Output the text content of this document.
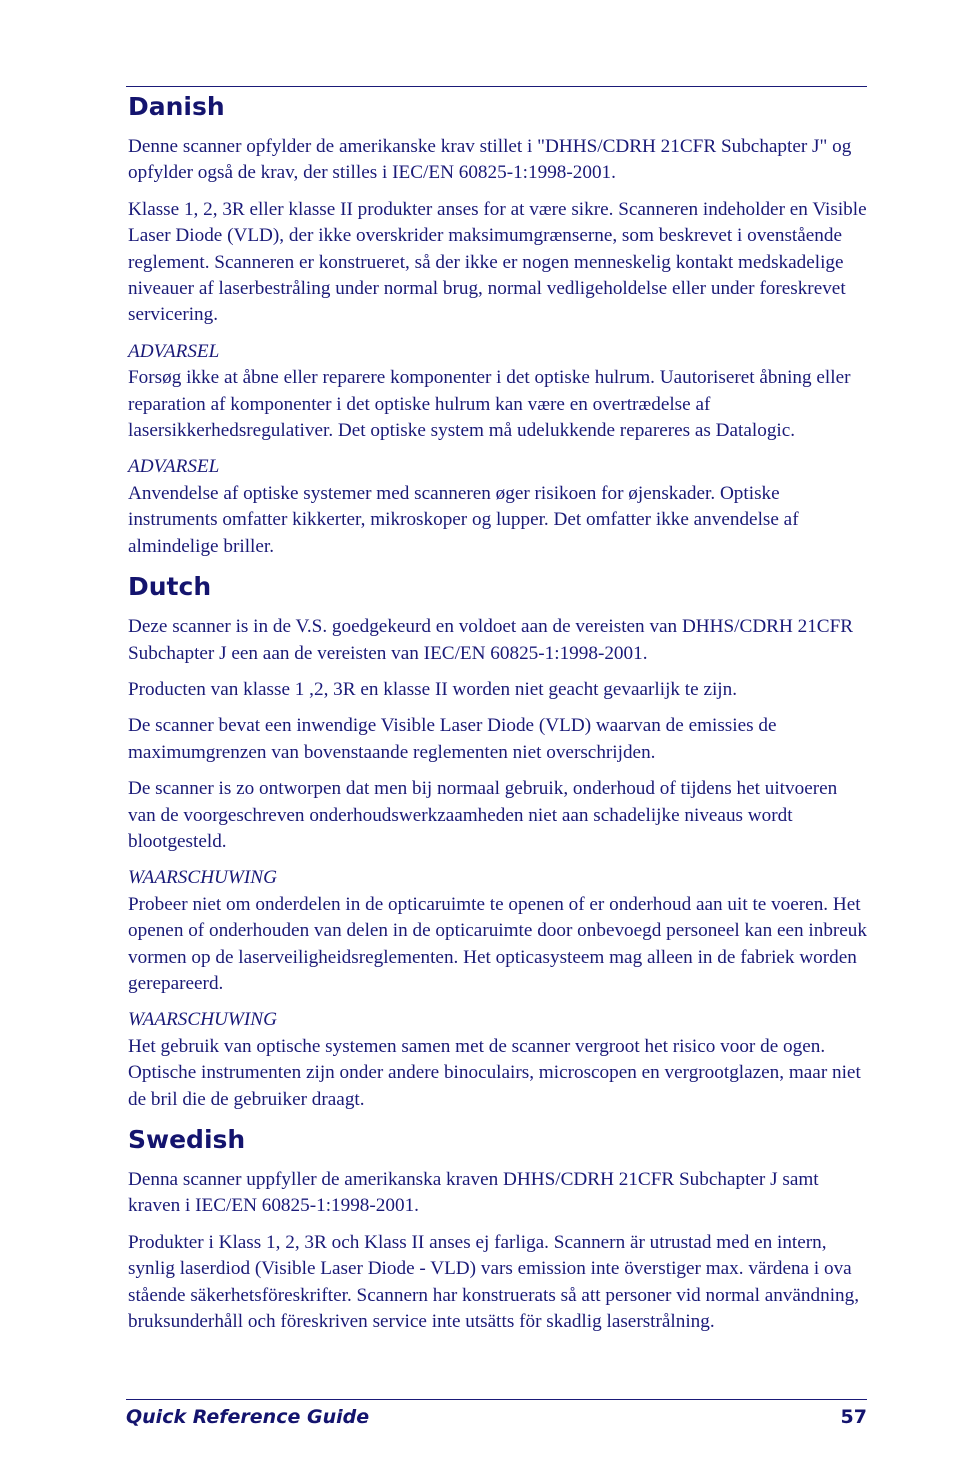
Danish

Denne scanner opfylder de amerikanske krav stillet i "DHHS/CDRH 21CFR Subchapter J" og opfylder også de krav, der stilles i IEC/EN 60825-1:1998-2001.

Klasse 1, 2, 3R eller klasse II produkter anses for at være sikre. Scanneren indeholder en Visible Laser Diode (VLD), der ikke overskrider maksimumgrænserne, som beskrevet i ovenstående reglement. Scanneren er konstrueret, så der ikke er nogen menneskelig kontakt medskadelige niveauer af laserbestråling under normal brug, normal vedligeholdelse eller under foreskrevet servicering.

ADVARSEL
Forsøg ikke at åbne eller reparere komponenter i det optiske hulrum. Uautoriseret åbning eller reparation af komponenter i det optiske hulrum kan være en overtrædelse af lasersikkerhedsregulativer. Det optiske system må udelukkende repareres as Datalogic.

ADVARSEL
Anvendelse af optiske systemer med scanneren øger risikoen for øjenskader. Optiske instruments omfatter kikkerter, mikroskoper og lupper. Det omfatter ikke anvendelse af almindelige briller.

Dutch

Deze scanner is in de V.S. goedgekeurd en voldoet aan de vereisten van DHHS/CDRH 21CFR Subchapter J een aan de vereisten van IEC/EN 60825-1:1998-2001.

Producten van klasse 1 ,2, 3R en klasse II worden niet geacht gevaarlijk te zijn.

De scanner bevat een inwendige Visible Laser Diode (VLD) waarvan de emissies de maximumgrenzen van bovenstaande reglementen niet overschrijden.

De scanner is zo ontworpen dat men bij normaal gebruik, onderhoud of tijdens het uitvoeren van de voorgeschreven onderhoudswerkzaamheden niet aan schadelijke niveaus wordt blootgesteld.

WAARSCHUWING
Probeer niet om onderdelen in de opticaruimte te openen of er onderhoud aan uit te voeren. Het openen of onderhouden van delen in de opticaruimte door onbevoegd personeel kan een inbreuk vormen op de laserveiligheidsreglementen. Het opticasysteem mag alleen in de fabriek worden gerepareerd.

WAARSCHUWING
Het gebruik van optische systemen samen met de scanner vergroot het risico voor de ogen. Optische instrumenten zijn onder andere binoculairs, microscopen en vergrootglazen, maar niet de bril die de gebruiker draagt.

Swedish

Denna scanner uppfyller de amerikanska kraven DHHS/CDRH 21CFR Subchapter J samt kraven i IEC/EN 60825-1:1998-2001.

Produkter i Klass 1, 2, 3R och Klass II anses ej farliga. Scannern är utrustad med en intern, synlig laserdiod (Visible Laser Diode - VLD) vars emission inte överstiger max. värdena i ova stående säkerhetsföreskrifter. Scannern har konstruerats så att personer vid normal användning, bruksunderhåll och föreskriven service inte utsätts för skadlig laserstrålning.

Quick Reference Guide	57
